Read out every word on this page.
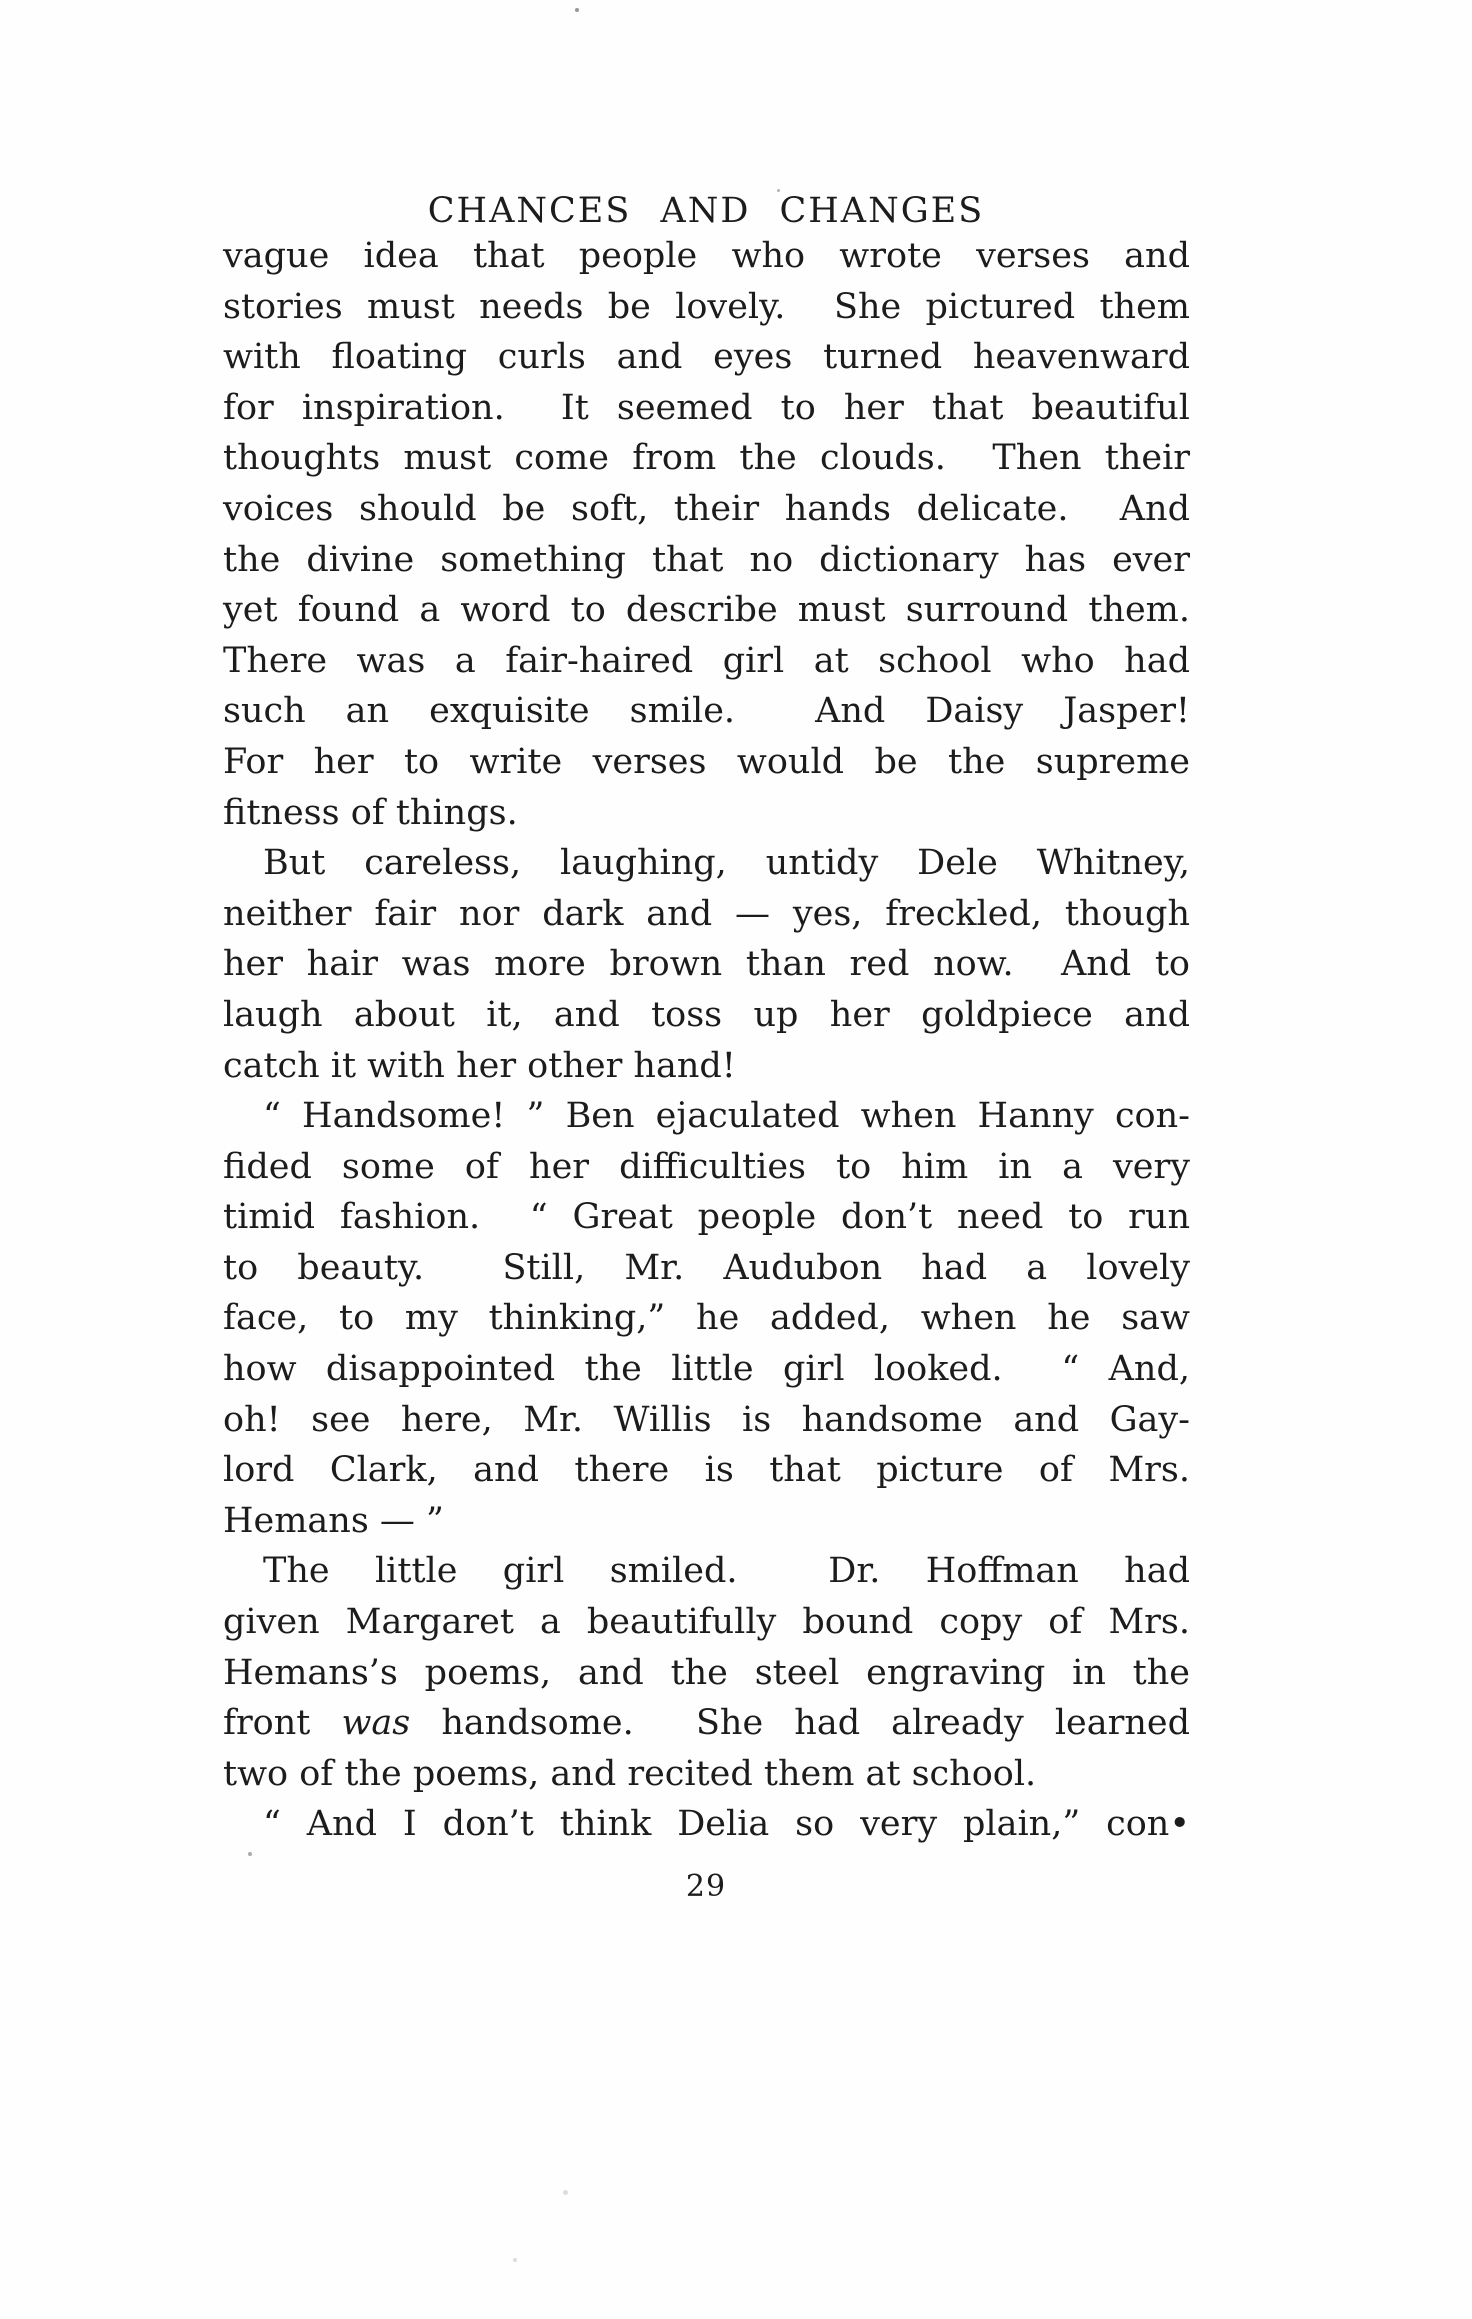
CHANCES AND CHANGES
vague idea that people who wrote verses and
stories must needs be lovely.  She pictured them
with floating curls and eyes turned heavenward
for inspiration.  It seemed to her that beautiful
thoughts must come from the clouds.  Then their
voices should be soft, their hands delicate.  And
the divine something that no dictionary has ever
yet found a word to describe must surround them.
There was a fair-haired girl at school who had
such an exquisite smile.  And Daisy Jasper!
For her to write verses would be the supreme
fitness of things.
But careless, laughing, untidy Dele Whitney,
neither fair nor dark and — yes, freckled, though
her hair was more brown than red now.  And to
laugh about it, and toss up her goldpiece and
catch it with her other hand!
“ Handsome! ” Ben ejaculated when Hanny con-
fided some of her difficulties to him in a very
timid fashion.  “ Great people don’t need to run
to beauty.  Still, Mr. Audubon had a lovely
face, to my thinking,” he added, when he saw
how disappointed the little girl looked.  “ And,
oh! see here, Mr. Willis is handsome and Gay-
lord Clark, and there is that picture of Mrs.
Hemans — ”
The little girl smiled.  Dr. Hoffman had
given Margaret a beautifully bound copy of Mrs.
Hemans’s poems, and the steel engraving in the
front was handsome.  She had already learned
two of the poems, and recited them at school.
“ And I don’t think Delia so very plain,” con•
29
